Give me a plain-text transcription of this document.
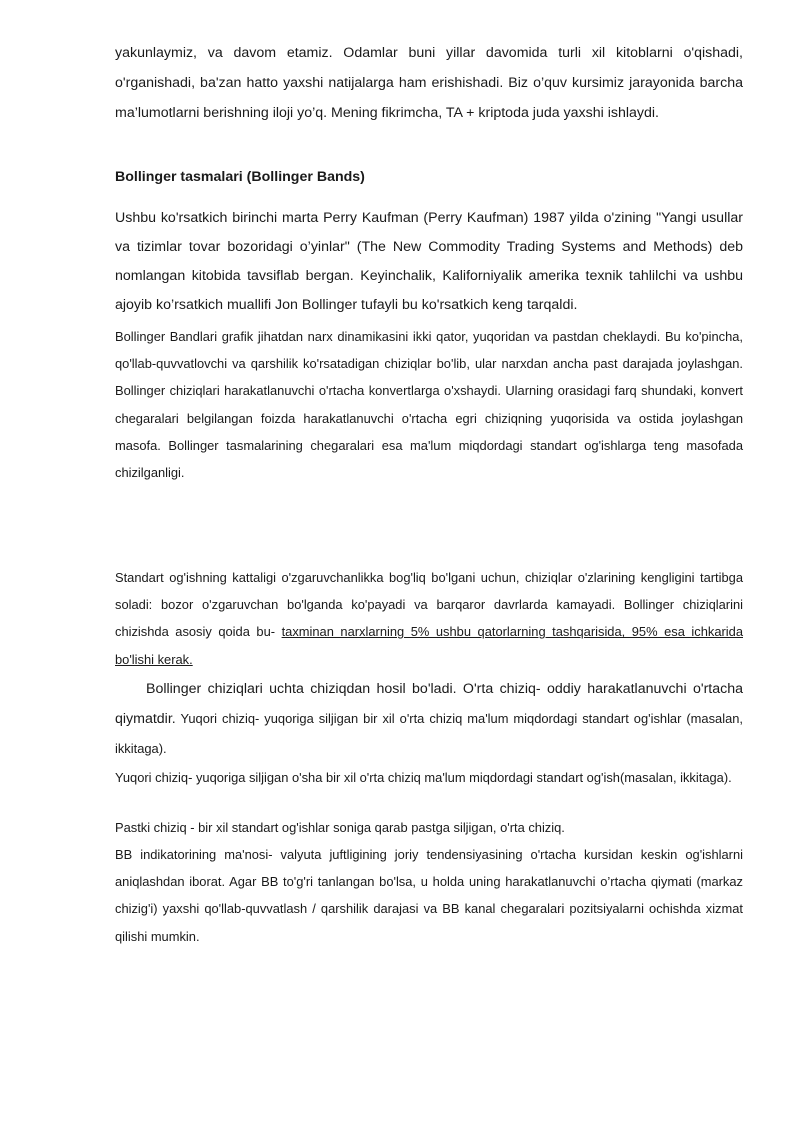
yakunlaymiz, va davom etamiz. Odamlar buni yillar davomida turli xil kitoblarni o'qishadi, o'rganishadi, ba'zan hatto yaxshi natijalarga ham erishishadi. Biz o’quv kursimiz jarayonida barcha ma’lumotlarni berishning iloji yo’q. Mening fikrimcha, TA + kriptoda juda yaxshi ishlaydi.

Bollinger tasmalari (Bollinger Bands)

Ushbu ko'rsatkich birinchi marta Perry Kaufman (Perry Kaufman) 1987 yilda o'zining "Yangi usullar va tizimlar tovar bozoridagi o’yinlar" (The New Commodity Trading Systems and Methods) deb nomlangan kitobida tavsiflab bergan. Keyinchalik, Kaliforniyalik amerika texnik tahlilchi va ushbu ajoyib ko’rsatkich muallifi Jon Bollinger tufayli bu ko'rsatkich keng tarqaldi.

Bollinger Bandlari grafik jihatdan narx dinamikasini ikki qator, yuqoridan va pastdan cheklaydi. Bu ko'pincha, qo'llab-quvvatlovchi va qarshilik ko'rsatadigan chiziqlar bo'lib, ular narxdan ancha past darajada joylashgan. Bollinger chiziqlari harakatlanuvchi o'rtacha konvertlarga o'xshaydi. Ularning orasidagi farq shundaki, konvert chegaralari belgilangan foizda harakatlanuvchi o'rtacha egri chiziqning yuqorisida va ostida joylashgan masofa. Bollinger tasmalarining chegaralari esa ma'lum miqdordagi standart og'ishlarga teng masofada chizilganligi.

Standart og'ishning kattaligi o'zgaruvchanlikka bog'liq bo'lgani uchun, chiziqlar o'zlarining kengligini tartibga soladi: bozor o'zgaruvchan bo'lganda ko'payadi va barqaror davrlarda kamayadi. Bollinger chiziqlarini chizishda asosiy qoida bu- taxminan narxlarning 5% ushbu qatorlarning tashqarisida, 95% esa ichkarida bo'lishi kerak.

Bollinger chiziqlari uchta chiziqdan hosil bo'ladi. O'rta chiziq- oddiy harakatlanuvchi o'rtacha qiymatdir. Yuqori chiziq- yuqoriga siljigan bir xil o'rta chiziq ma'lum miqdordagi standart og'ishlar (masalan, ikkitaga).

Yuqori chiziq- yuqoriga siljigan o'sha bir xil o'rta chiziq ma'lum miqdordagi standart og'ish(masalan, ikkitaga).

Pastki chiziq - bir xil standart og'ishlar soniga qarab pastga siljigan, o'rta chiziq.

BB indikatorining ma'nosi- valyuta juftligining joriy tendensiyasining o'rtacha kursidan keskin og'ishlarni aniqlashdan iborat. Agar BB to'g'ri tanlangan bo'lsa, u holda uning harakatlanuvchi o’rtacha qiymati (markaz chizig'i) yaxshi qo'llab-quvvatlash / qarshilik darajasi va BB kanal chegaralari pozitsiyalarni ochishda xizmat qilishi mumkin.
